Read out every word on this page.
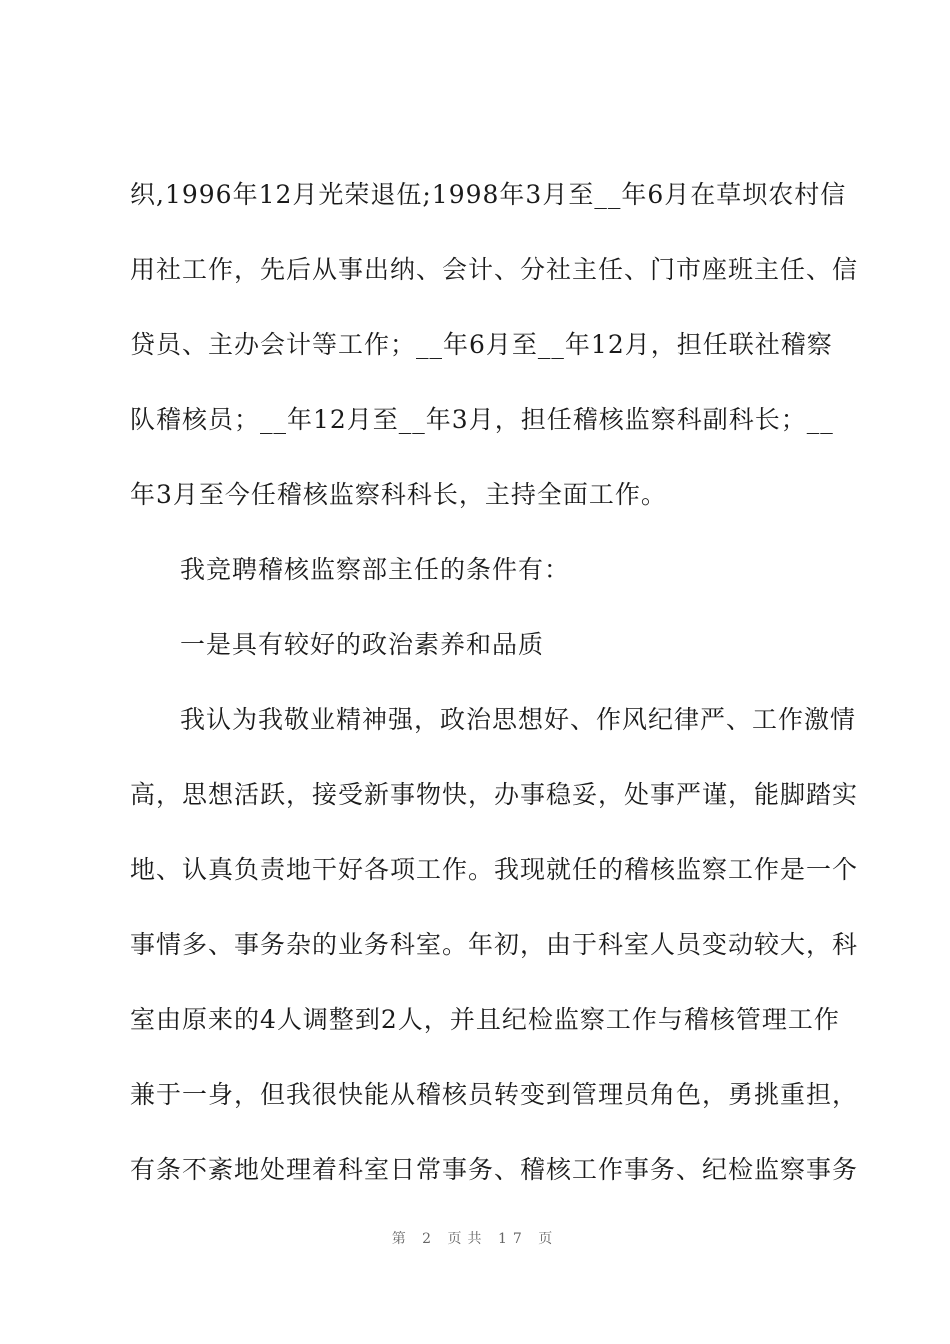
织,1996年12月光荣退伍;1998年3月至__年6月在草坝农村信
用社工作，先后从事出纳、会计、分社主任、门市座班主任、信
贷员、主办会计等工作；__年6月至__年12月，担任联社稽察
队稽核员；__年12月至__年3月，担任稽核监察科副科长；__
年3月至今任稽核监察科科长，主持全面工作。
我竞聘稽核监察部主任的条件有：
一是具有较好的政治素养和品质
我认为我敬业精神强，政治思想好、作风纪律严、工作激情
高，思想活跃，接受新事物快，办事稳妥，处事严谨，能脚踏实
地、认真负责地干好各项工作。我现就任的稽核监察工作是一个
事情多、事务杂的业务科室。年初，由于科室人员变动较大，科
室由原来的4人调整到2人，并且纪检监察工作与稽核管理工作
兼于一身，但我很快能从稽核员转变到管理员角色，勇挑重担，
有条不紊地处理着科室日常事务、稽核工作事务、纪检监察事务
第 2 页共 17 页
